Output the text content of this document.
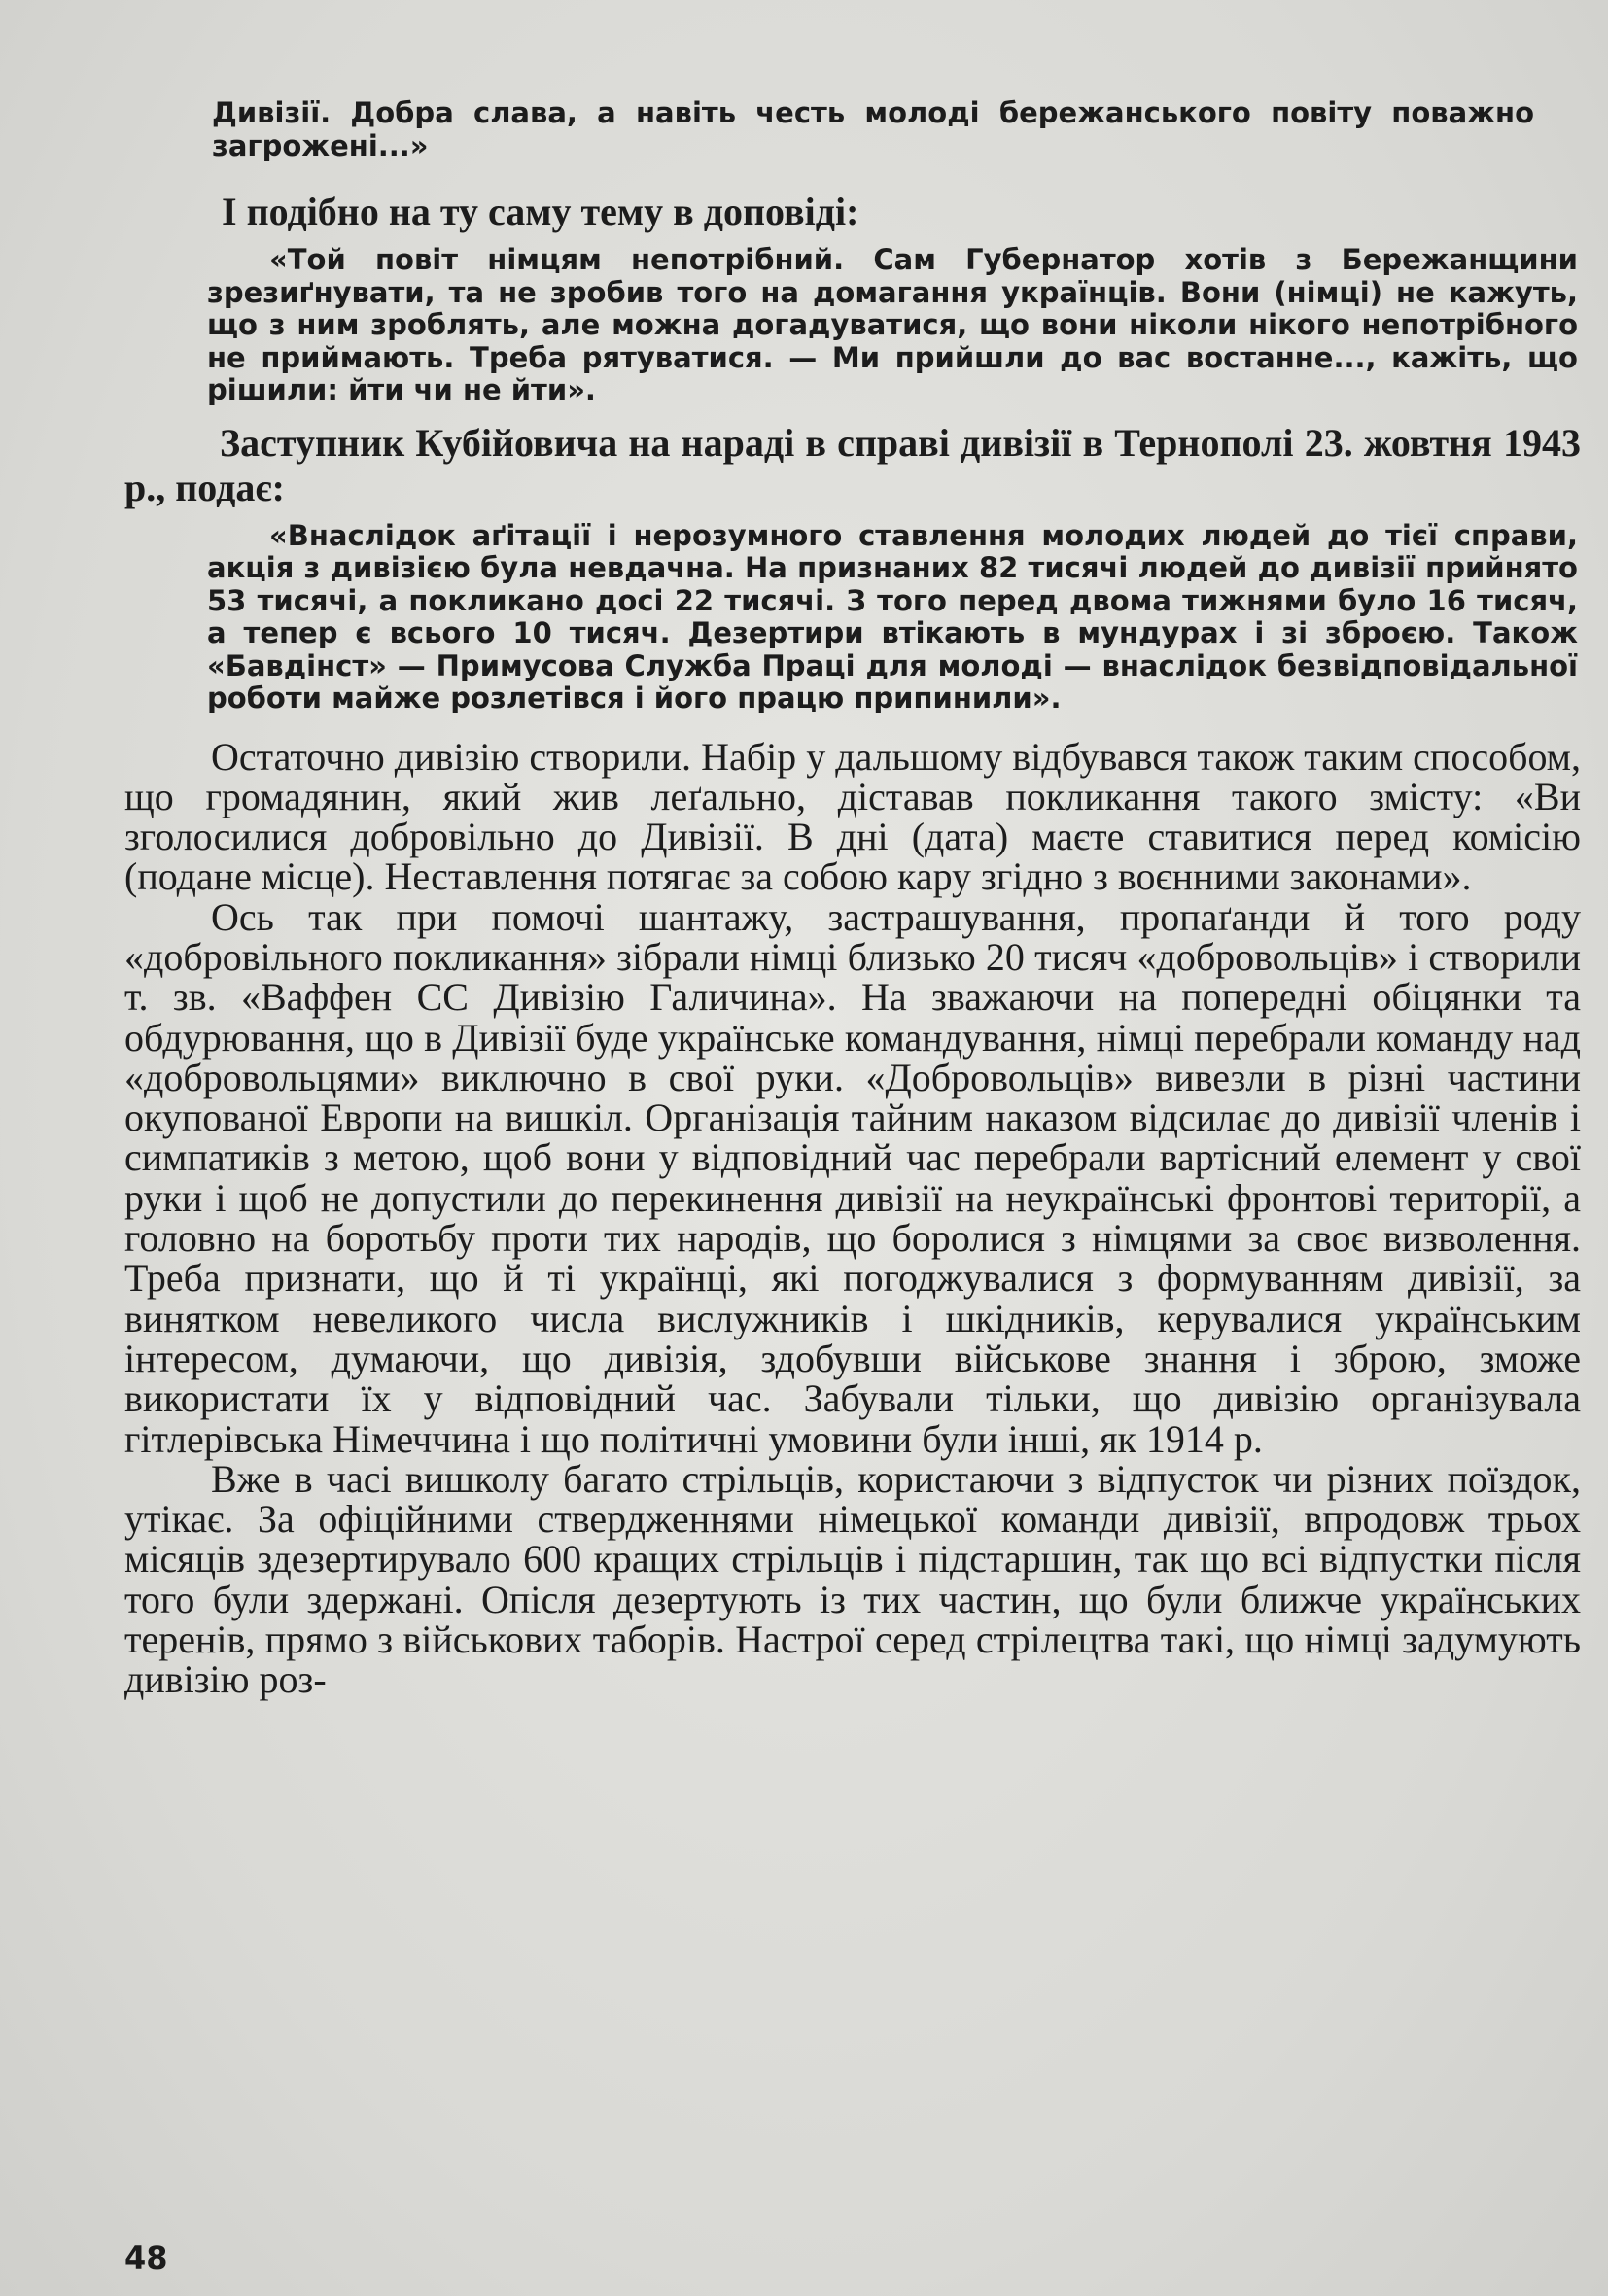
Дивізії. Добра слава, а навіть честь молоді бережанського повіту поважно загрожені...»

І подібно на ту саму тему в доповіді:

«Той повіт німцям непотрібний. Сам Губернатор хотів з Бережанщини зрезиґнувати, та не зробив того на домагання українців. Вони (німці) не кажуть, що з ним зроблять, але можна догадуватися, що вони ніколи нікого непотрібного не приймають. Треба рятуватися. — Ми прийшли до вас востанне..., кажіть, що рішили: йти чи не йти».

Заступник Кубійовича на нараді в справі дивізії в Тернополі 23. жовтня 1943 р., подає:

«Внаслідок аґітації і нерозумного ставлення молодих людей до тієї справи, акція з дивізією була невдачна. На признаних 82 тисячі людей до дивізії прийнято 53 тисячі, а покликано досі 22 тисячі. З того перед двома тижнями було 16 тисяч, а тепер є всього 10 тисяч. Дезертири втікають в мундурах і зі зброєю. Також «Бавдінст» — Примусова Служба Праці для молоді — внаслідок безвідповідальної роботи майже розлетівся і його працю припинили».

Остаточно дивізію створили. Набір у дальшому відбувався також таким способом, що громадянин, який жив леґально, діставав покликання такого змісту: «Ви зголосилися добровільно до Дивізії. В дні (дата) маєте ставитися перед комісію (подане місце). Неставлення потягає за собою кару згідно з воєнними законами».

Ось так при помочі шантажу, застрашування, пропаґанди й того роду «добровільного покликання» зібрали німці близько 20 тисяч «добровольців» і створили т. зв. «Ваффен СС Дивізію Галичина». На зважаючи на попередні обіцянки та обдурювання, що в Дивізії буде українське командування, німці перебрали команду над «добровольцями» виключно в свої руки. «Добровольців» вивезли в різні частини окупованої Европи на вишкіл. Організація тайним наказом відсилає до дивізії членів і симпатиків з метою, щоб вони у відповідний час перебрали вартісний елемент у свої руки і щоб не допустили до перекинення дивізії на неукраїнські фронтові території, а головно на боротьбу проти тих народів, що боролися з німцями за своє визволення. Треба признати, що й ті українці, які погоджувалися з формуванням дивізії, за винятком невеликого числа вислужників і шкідників, керувалися українським інтересом, думаючи, що дивізія, здобувши військове знання і зброю, зможе використати їх у відповідний час. Забували тільки, що дивізію організувала гітлерівська Німеччина і що політичні умовини були інші, як 1914 р.

Вже в часі вишколу багато стрільців, користаючи з відпусток чи різних поїздок, утікає. За офіційними ствердженнями німецької команди дивізії, впродовж трьох місяців здезертирувало 600 кращих стрільців і підстаршин, так що всі відпустки після того були здержані. Опісля дезертують із тих частин, що були ближче українських теренів, прямо з військових таборів. Настрої серед стрілецтва такі, що німці задумують дивізію роз-

48
